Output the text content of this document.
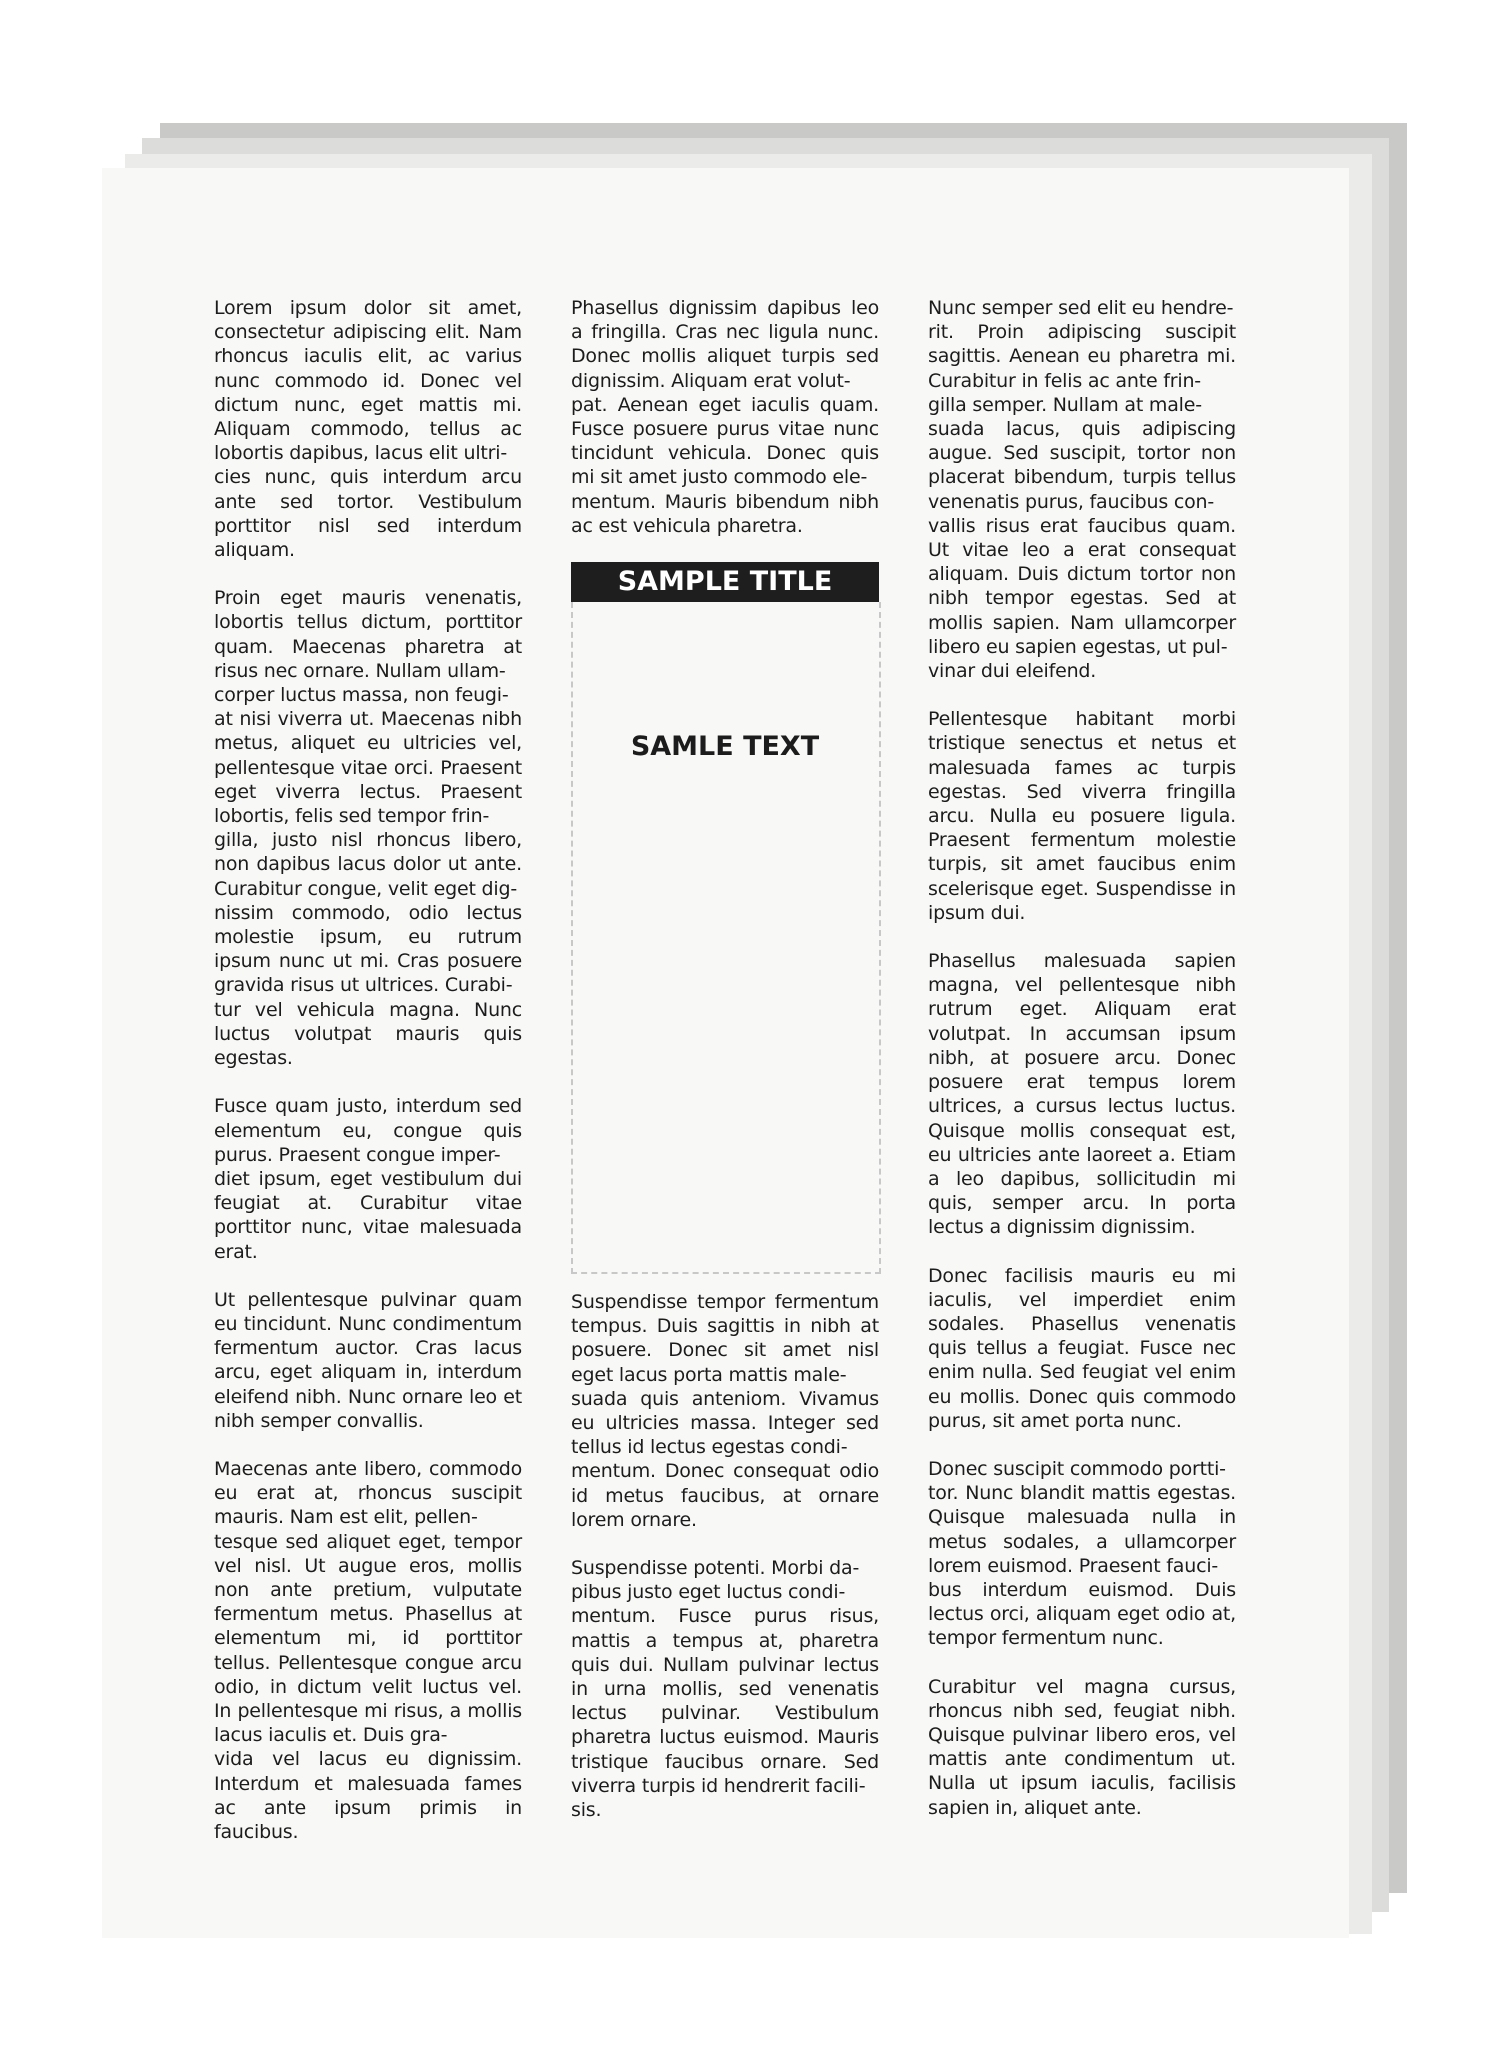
Lorem ipsum dolor sit amet, consectetur adipiscing elit. Nam rhoncus iaculis elit, ac varius nunc commodo id. Donec vel dictum nunc, eget mattis mi. Aliquam commodo, tellus ac lobortis dapibus, lacus elit ultri-
cies nunc, quis interdum arcu ante sed tortor. Vestibulum porttitor nisl sed interdum aliquam.

Proin eget mauris venenatis, lobortis tellus dictum, porttitor quam. Maecenas pharetra at risus nec ornare. Nullam ullam-
corper luctus massa, non feugi-
at nisi viverra ut. Maecenas nibh metus, aliquet eu ultricies vel, pellentesque vitae orci. Praesent eget viverra lectus. Praesent lobortis, felis sed tempor frin-
gilla, justo nisl rhoncus libero, non dapibus lacus dolor ut ante. Curabitur congue, velit eget dig-
nissim commodo, odio lectus molestie ipsum, eu rutrum ipsum nunc ut mi. Cras posuere gravida risus ut ultrices. Curabi-
tur vel vehicula magna. Nunc luctus volutpat mauris quis egestas.

Fusce quam justo, interdum sed elementum eu, congue quis purus. Praesent congue imper-
diet ipsum, eget vestibulum dui feugiat at. Curabitur vitae porttitor nunc, vitae malesuada erat.

Ut pellentesque pulvinar quam eu tincidunt. Nunc condimentum fermentum auctor. Cras lacus arcu, eget aliquam in, interdum eleifend nibh. Nunc ornare leo et nibh semper convallis.

Maecenas ante libero, commodo eu erat at, rhoncus suscipit mauris. Nam est elit, pellen-
tesque sed aliquet eget, tempor vel nisl. Ut augue eros, mollis non ante pretium, vulputate fermentum metus. Phasellus at elementum mi, id porttitor tellus. Pellentesque congue arcu odio, in dictum velit luctus vel. In pellentesque mi risus, a mollis lacus iaculis et. Duis gra-
vida vel lacus eu dignissim. Interdum et malesuada fames ac ante ipsum primis in faucibus.

Phasellus dignissim dapibus leo a fringilla. Cras nec ligula nunc. Donec mollis aliquet turpis sed dignissim. Aliquam erat volut-
pat. Aenean eget iaculis quam. Fusce posuere purus vitae nunc tincidunt vehicula. Donec quis mi sit amet justo commodo ele-
mentum. Mauris bibendum nibh ac est vehicula pharetra.

SAMPLE TITLE
SAMLE TEXT

Suspendisse tempor fermentum tempus. Duis sagittis in nibh at posuere. Donec sit amet nisl eget lacus porta mattis male-
suada quis anteniom. Vivamus eu ultricies massa. Integer sed tellus id lectus egestas condi-
mentum. Donec consequat odio id metus faucibus, at ornare lorem ornare.

Suspendisse potenti. Morbi da-
pibus justo eget luctus condi-
mentum. Fusce purus risus, mattis a tempus at, pharetra quis dui. Nullam pulvinar lectus in urna mollis, sed venenatis lectus pulvinar. Vestibulum pharetra luctus euismod. Mauris tristique faucibus ornare. Sed viverra turpis id hendrerit facili-
sis.

Nunc semper sed elit eu hendre-
rit. Proin adipiscing suscipit sagittis. Aenean eu pharetra mi. Curabitur in felis ac ante frin-
gilla semper. Nullam at male-
suada lacus, quis adipiscing augue. Sed suscipit, tortor non placerat bibendum, turpis tellus venenatis purus, faucibus con-
vallis risus erat faucibus quam. Ut vitae leo a erat consequat aliquam. Duis dictum tortor non nibh tempor egestas. Sed at mollis sapien. Nam ullamcorper libero eu sapien egestas, ut pul-
vinar dui eleifend.

Pellentesque habitant morbi tristique senectus et netus et malesuada fames ac turpis egestas. Sed viverra fringilla arcu. Nulla eu posuere ligula. Praesent fermentum molestie turpis, sit amet faucibus enim scelerisque eget. Suspendisse in ipsum dui.

Phasellus malesuada sapien magna, vel pellentesque nibh rutrum eget. Aliquam erat volutpat. In accumsan ipsum nibh, at posuere arcu. Donec posuere erat tempus lorem ultrices, a cursus lectus luctus. Quisque mollis consequat est, eu ultricies ante laoreet a. Etiam a leo dapibus, sollicitudin mi quis, semper arcu. In porta lectus a dignissim dignissim.

Donec facilisis mauris eu mi iaculis, vel imperdiet enim sodales. Phasellus venenatis quis tellus a feugiat. Fusce nec enim nulla. Sed feugiat vel enim eu mollis. Donec quis commodo purus, sit amet porta nunc.

Donec suscipit commodo portti-
tor. Nunc blandit mattis egestas. Quisque malesuada nulla in metus sodales, a ullamcorper lorem euismod. Praesent fauci-
bus interdum euismod. Duis lectus orci, aliquam eget odio at, tempor fermentum nunc.

Curabitur vel magna cursus, rhoncus nibh sed, feugiat nibh. Quisque pulvinar libero eros, vel mattis ante condimentum ut. Nulla ut ipsum iaculis, facilisis sapien in, aliquet ante.
